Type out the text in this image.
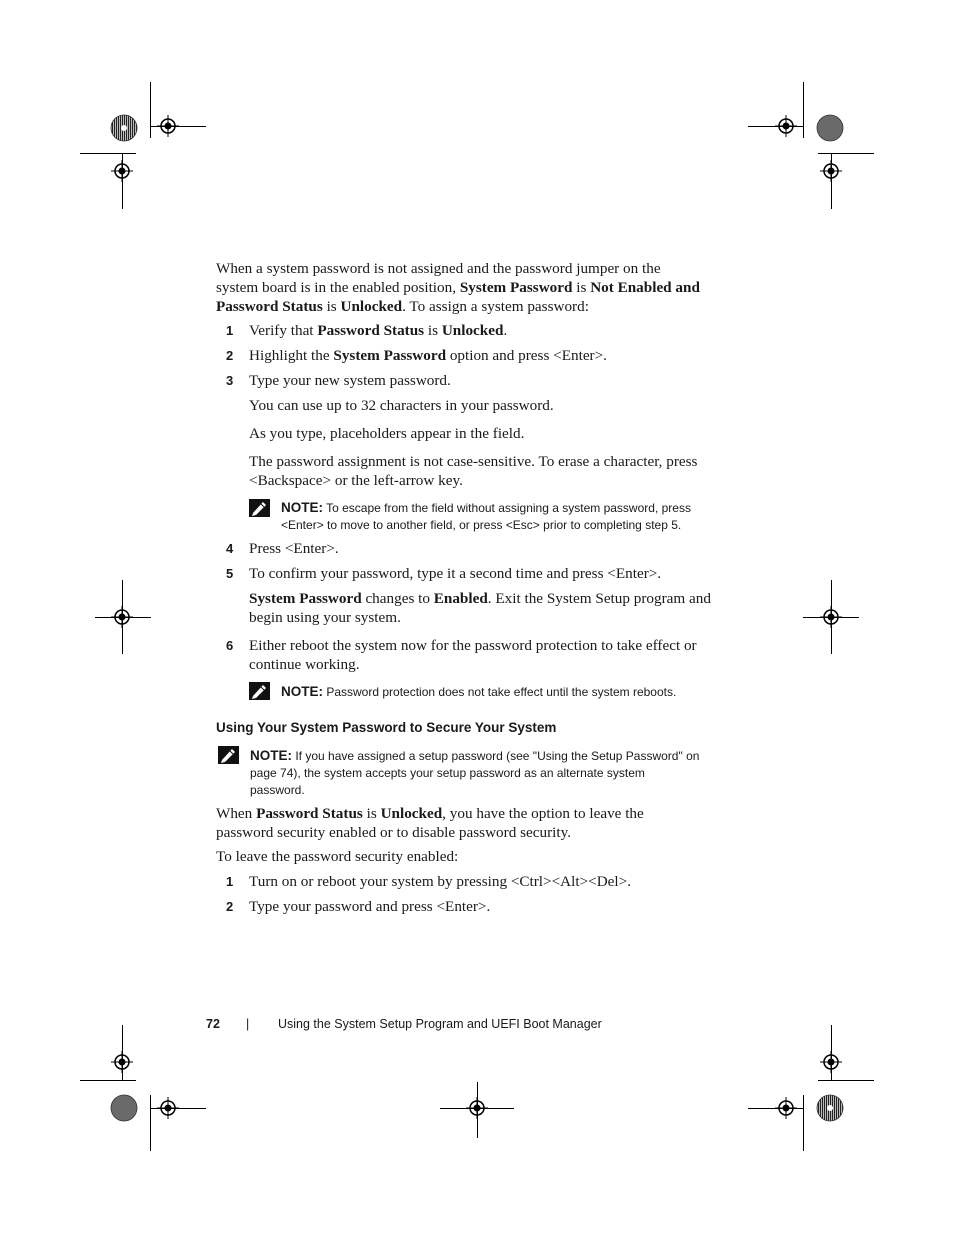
When a system password is not assigned and the password jumper on the
system board is in the enabled position, System Password is Not Enabled and
Password Status is Unlocked. To assign a system password:
1 Verify that Password Status is Unlocked.
2 Highlight the System Password option and press <Enter>.
3 Type your new system password.
You can use up to 32 characters in your password.
As you type, placeholders appear in the field.
The password assignment is not case-sensitive. To erase a character, press
<Backspace> or the left-arrow key.
NOTE: To escape from the field without assigning a system password, press
<Enter> to move to another field, or press <Esc> prior to completing step 5.
4 Press <Enter>.
5 To confirm your password, type it a second time and press <Enter>.
System Password changes to Enabled. Exit the System Setup program and
begin using your system.
6 Either reboot the system now for the password protection to take effect or
continue working.
NOTE: Password protection does not take effect until the system reboots.
Using Your System Password to Secure Your System
NOTE: If you have assigned a setup password (see "Using the Setup Password" on
page 74), the system accepts your setup password as an alternate system
password.
When Password Status is Unlocked, you have the option to leave the
password security enabled or to disable password security.
To leave the password security enabled:
1 Turn on or reboot your system by pressing <Ctrl><Alt><Del>.
2 Type your password and press <Enter>.
72 | Using the System Setup Program and UEFI Boot Manager
